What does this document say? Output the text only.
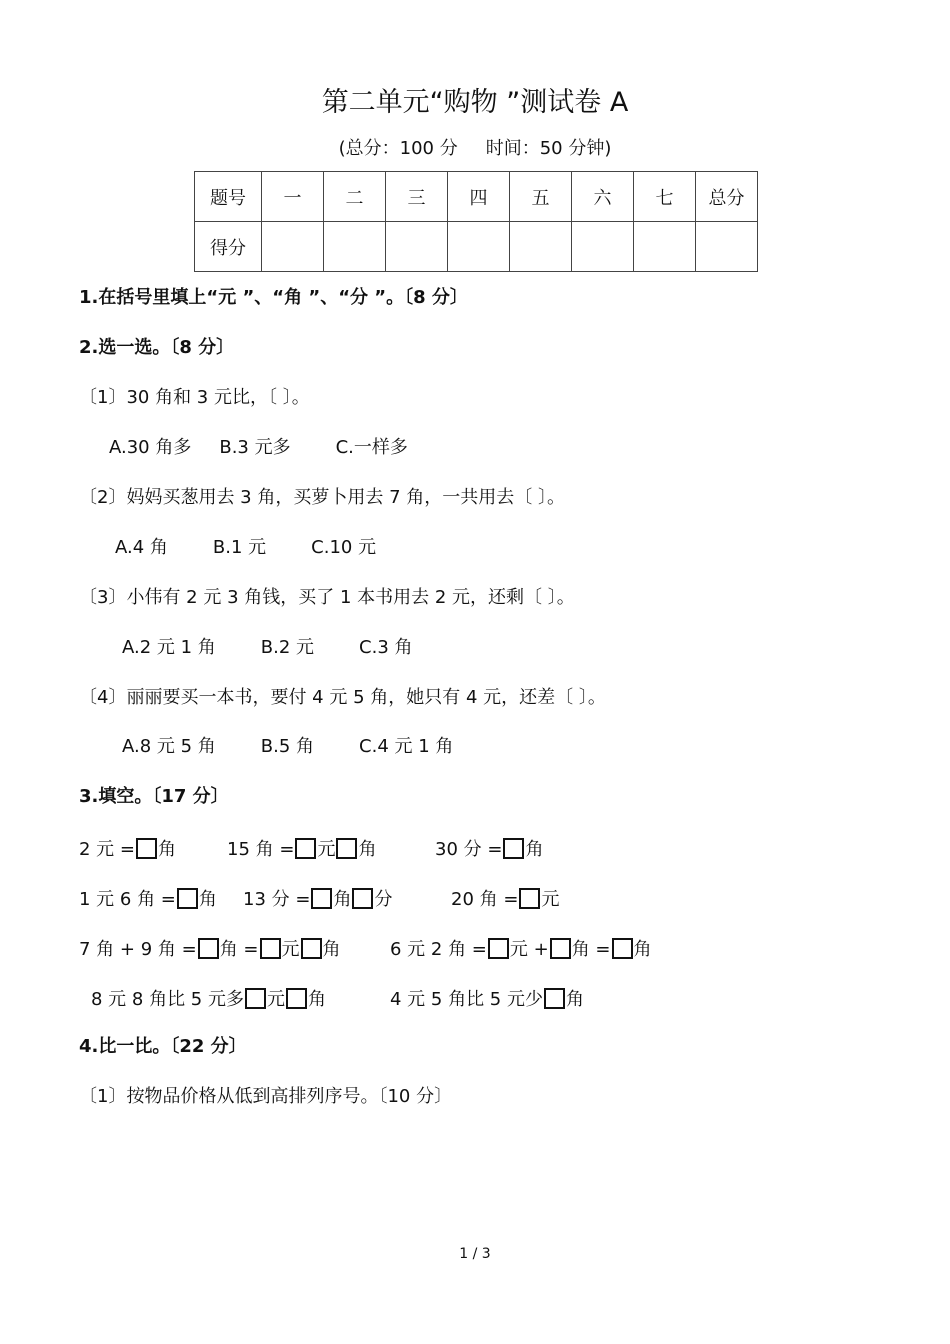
第二单元“购物 ”测试卷 A
(总分：100 分 时间：50 分钟)
题号	一	二	三	四	五	六	七	总分
得分								
1.在括号里填上“元 ”、“角 ”、“分 ”。〔8 分〕
2.选一选。〔8 分〕
〔1〕30 角和 3 元比，〔 〕。
A.30 角多 B.3 元多	C.一样多
〔2〕妈妈买葱用去 3 角，买萝卜用去 7 角，一共用去〔 〕。
A.4 角	B.1 元	C.10 元
〔3〕小伟有 2 元 3 角钱，买了 1 本书用去 2 元，还剩〔 〕。
A.2 元 1 角	B.2 元	C.3 角
〔4〕丽丽要买一本书，要付 4 元 5 角，她只有 4 元，还差〔 〕。
A.8 元 5 角	B.5 角	C.4 元 1 角
3.填空。〔17 分〕
2 元 = 角	15 角 = 元 角	30 分 = 角
1 元 6 角 = 角 13 分 = 角 分	20 角 = 元
7 角 + 9 角 = 角 = 元 角	6 元 2 角 = 元 + 角 = 角
8 元 8 角比 5 元多 元 角	4 元 5 角比 5 元少 角
4.比一比。〔22 分〕
〔1〕按物品价格从低到高排列序号。〔10 分〕
1 / 3
